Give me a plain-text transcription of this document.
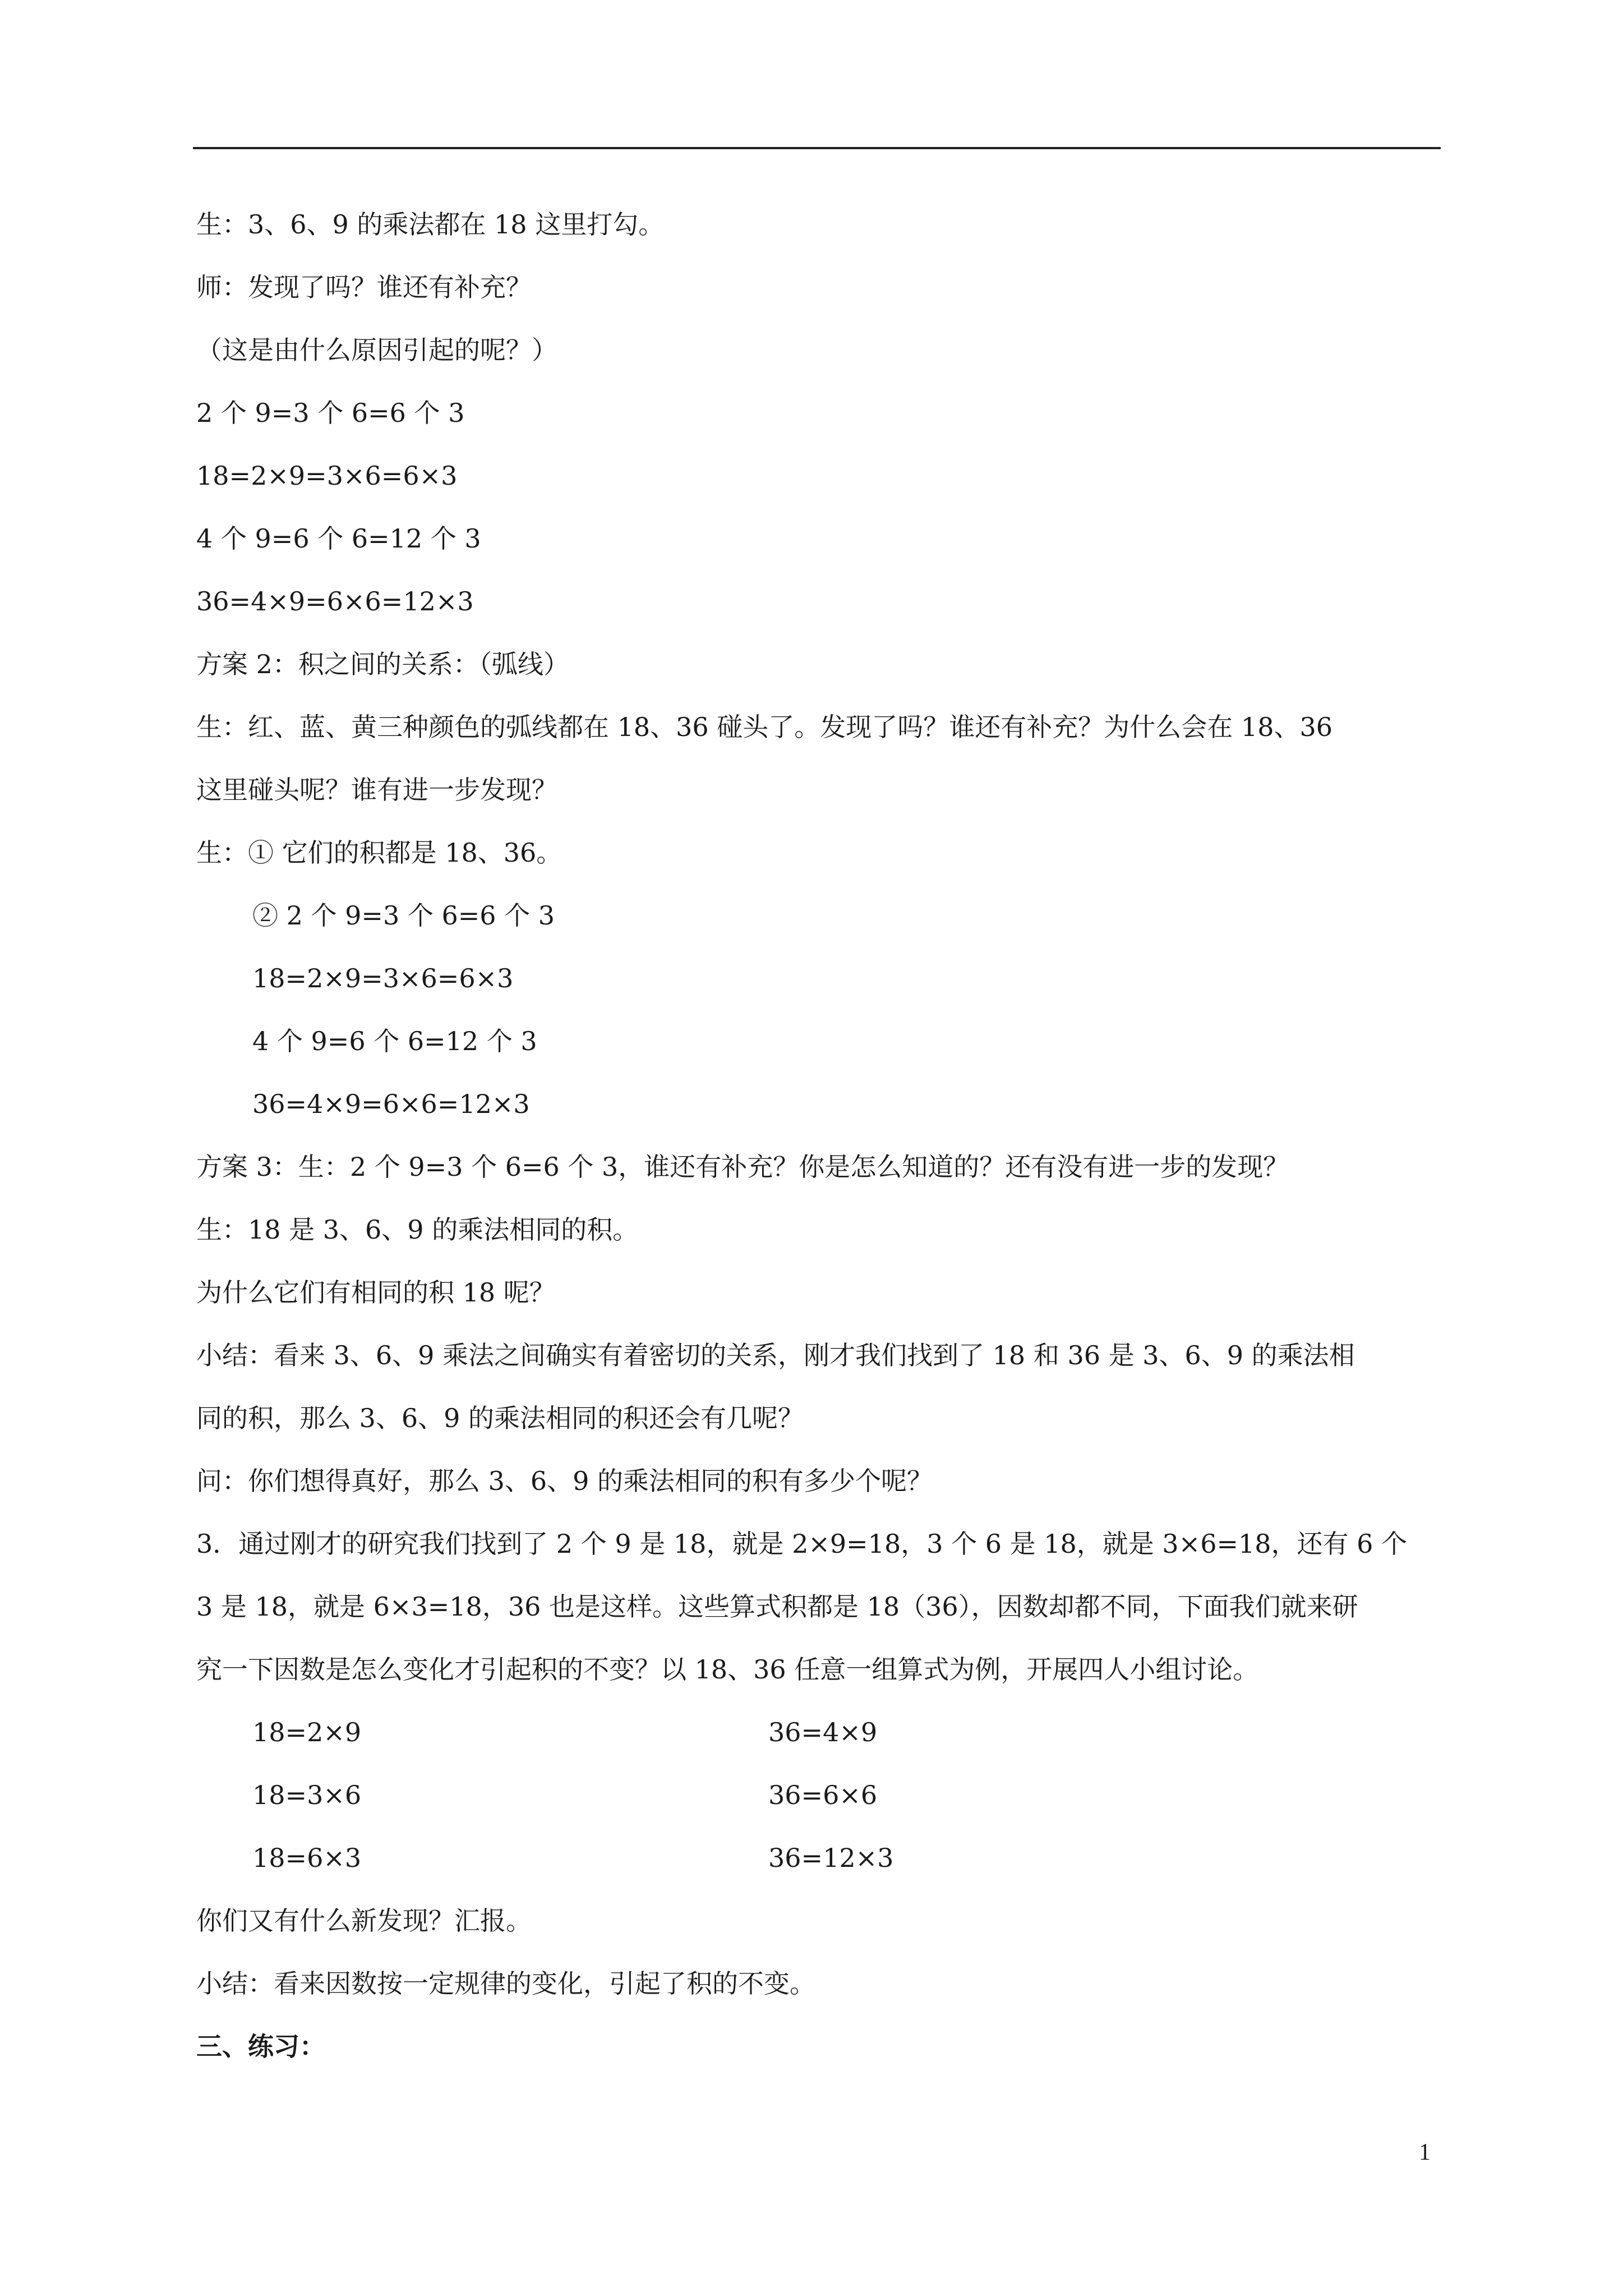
生：3、6、9 的乘法都在 18 这里打勾。
师：发现了吗？谁还有补充？
（这是由什么原因引起的呢？）
2 个 9=3 个 6=6 个 3
18=2×9=3×6=6×3
4 个 9=6 个 6=12 个 3
36=4×9=6×6=12×3
方案 2：积之间的关系：（弧线）
生：红、蓝、黄三种颜色的弧线都在 18、36 碰头了。发现了吗？谁还有补充？为什么会在 18、36
这里碰头呢？谁有进一步发现？
生：① 它们的积都是 18、36。
② 2 个 9=3 个 6=6 个 3
18=2×9=3×6=6×3
4 个 9=6 个 6=12 个 3
36=4×9=6×6=12×3
方案 3：生：2 个 9=3 个 6=6 个 3，谁还有补充？你是怎么知道的？还有没有进一步的发现？
生：18 是 3、6、9 的乘法相同的积。
为什么它们有相同的积 18 呢？
小结：看来 3、6、9 乘法之间确实有着密切的关系，刚才我们找到了 18 和 36 是 3、6、9 的乘法相
同的积，那么 3、6、9 的乘法相同的积还会有几呢？
问：你们想得真好，那么 3、6、9 的乘法相同的积有多少个呢？
3．通过刚才的研究我们找到了 2 个 9 是 18，就是 2×9=18，3 个 6 是 18，就是 3×6=18，还有 6 个
3 是 18，就是 6×3=18，36 也是这样。这些算式积都是 18（36），因数却都不同，下面我们就来研
究一下因数是怎么变化才引起积的不变？以 18、36 任意一组算式为例，开展四人小组讨论。
18=2×9	36=4×9
18=3×6	36=6×6
18=6×3	36=12×3
你们又有什么新发现？汇报。
小结：看来因数按一定规律的变化，引起了积的不变。
三、练习：
1
